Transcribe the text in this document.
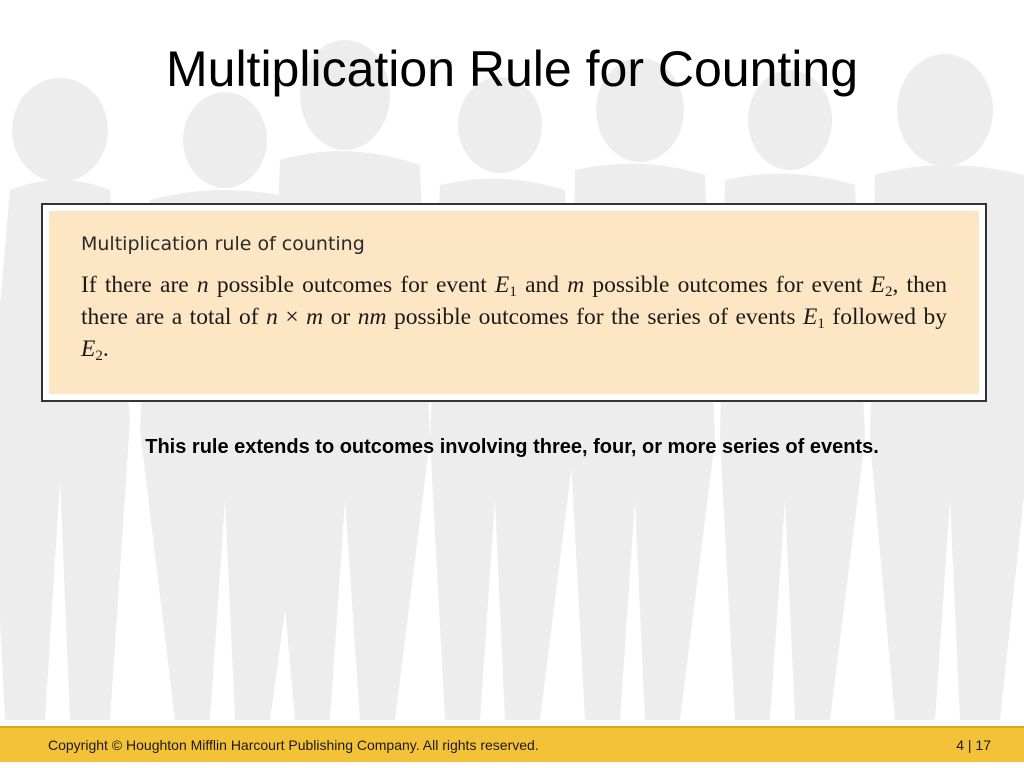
Multiplication Rule for Counting
Multiplication rule of counting

If there are n possible outcomes for event $E_1$ and m possible outcomes for event $E_2$, then there are a total of n × m or nm possible outcomes for the series of events $E_1$ followed by $E_2$.

This rule extends to outcomes involving three, four, or more series of events.

Copyright © Houghton Mifflin Harcourt Publishing Company. All rights reserved.	4 | 17
